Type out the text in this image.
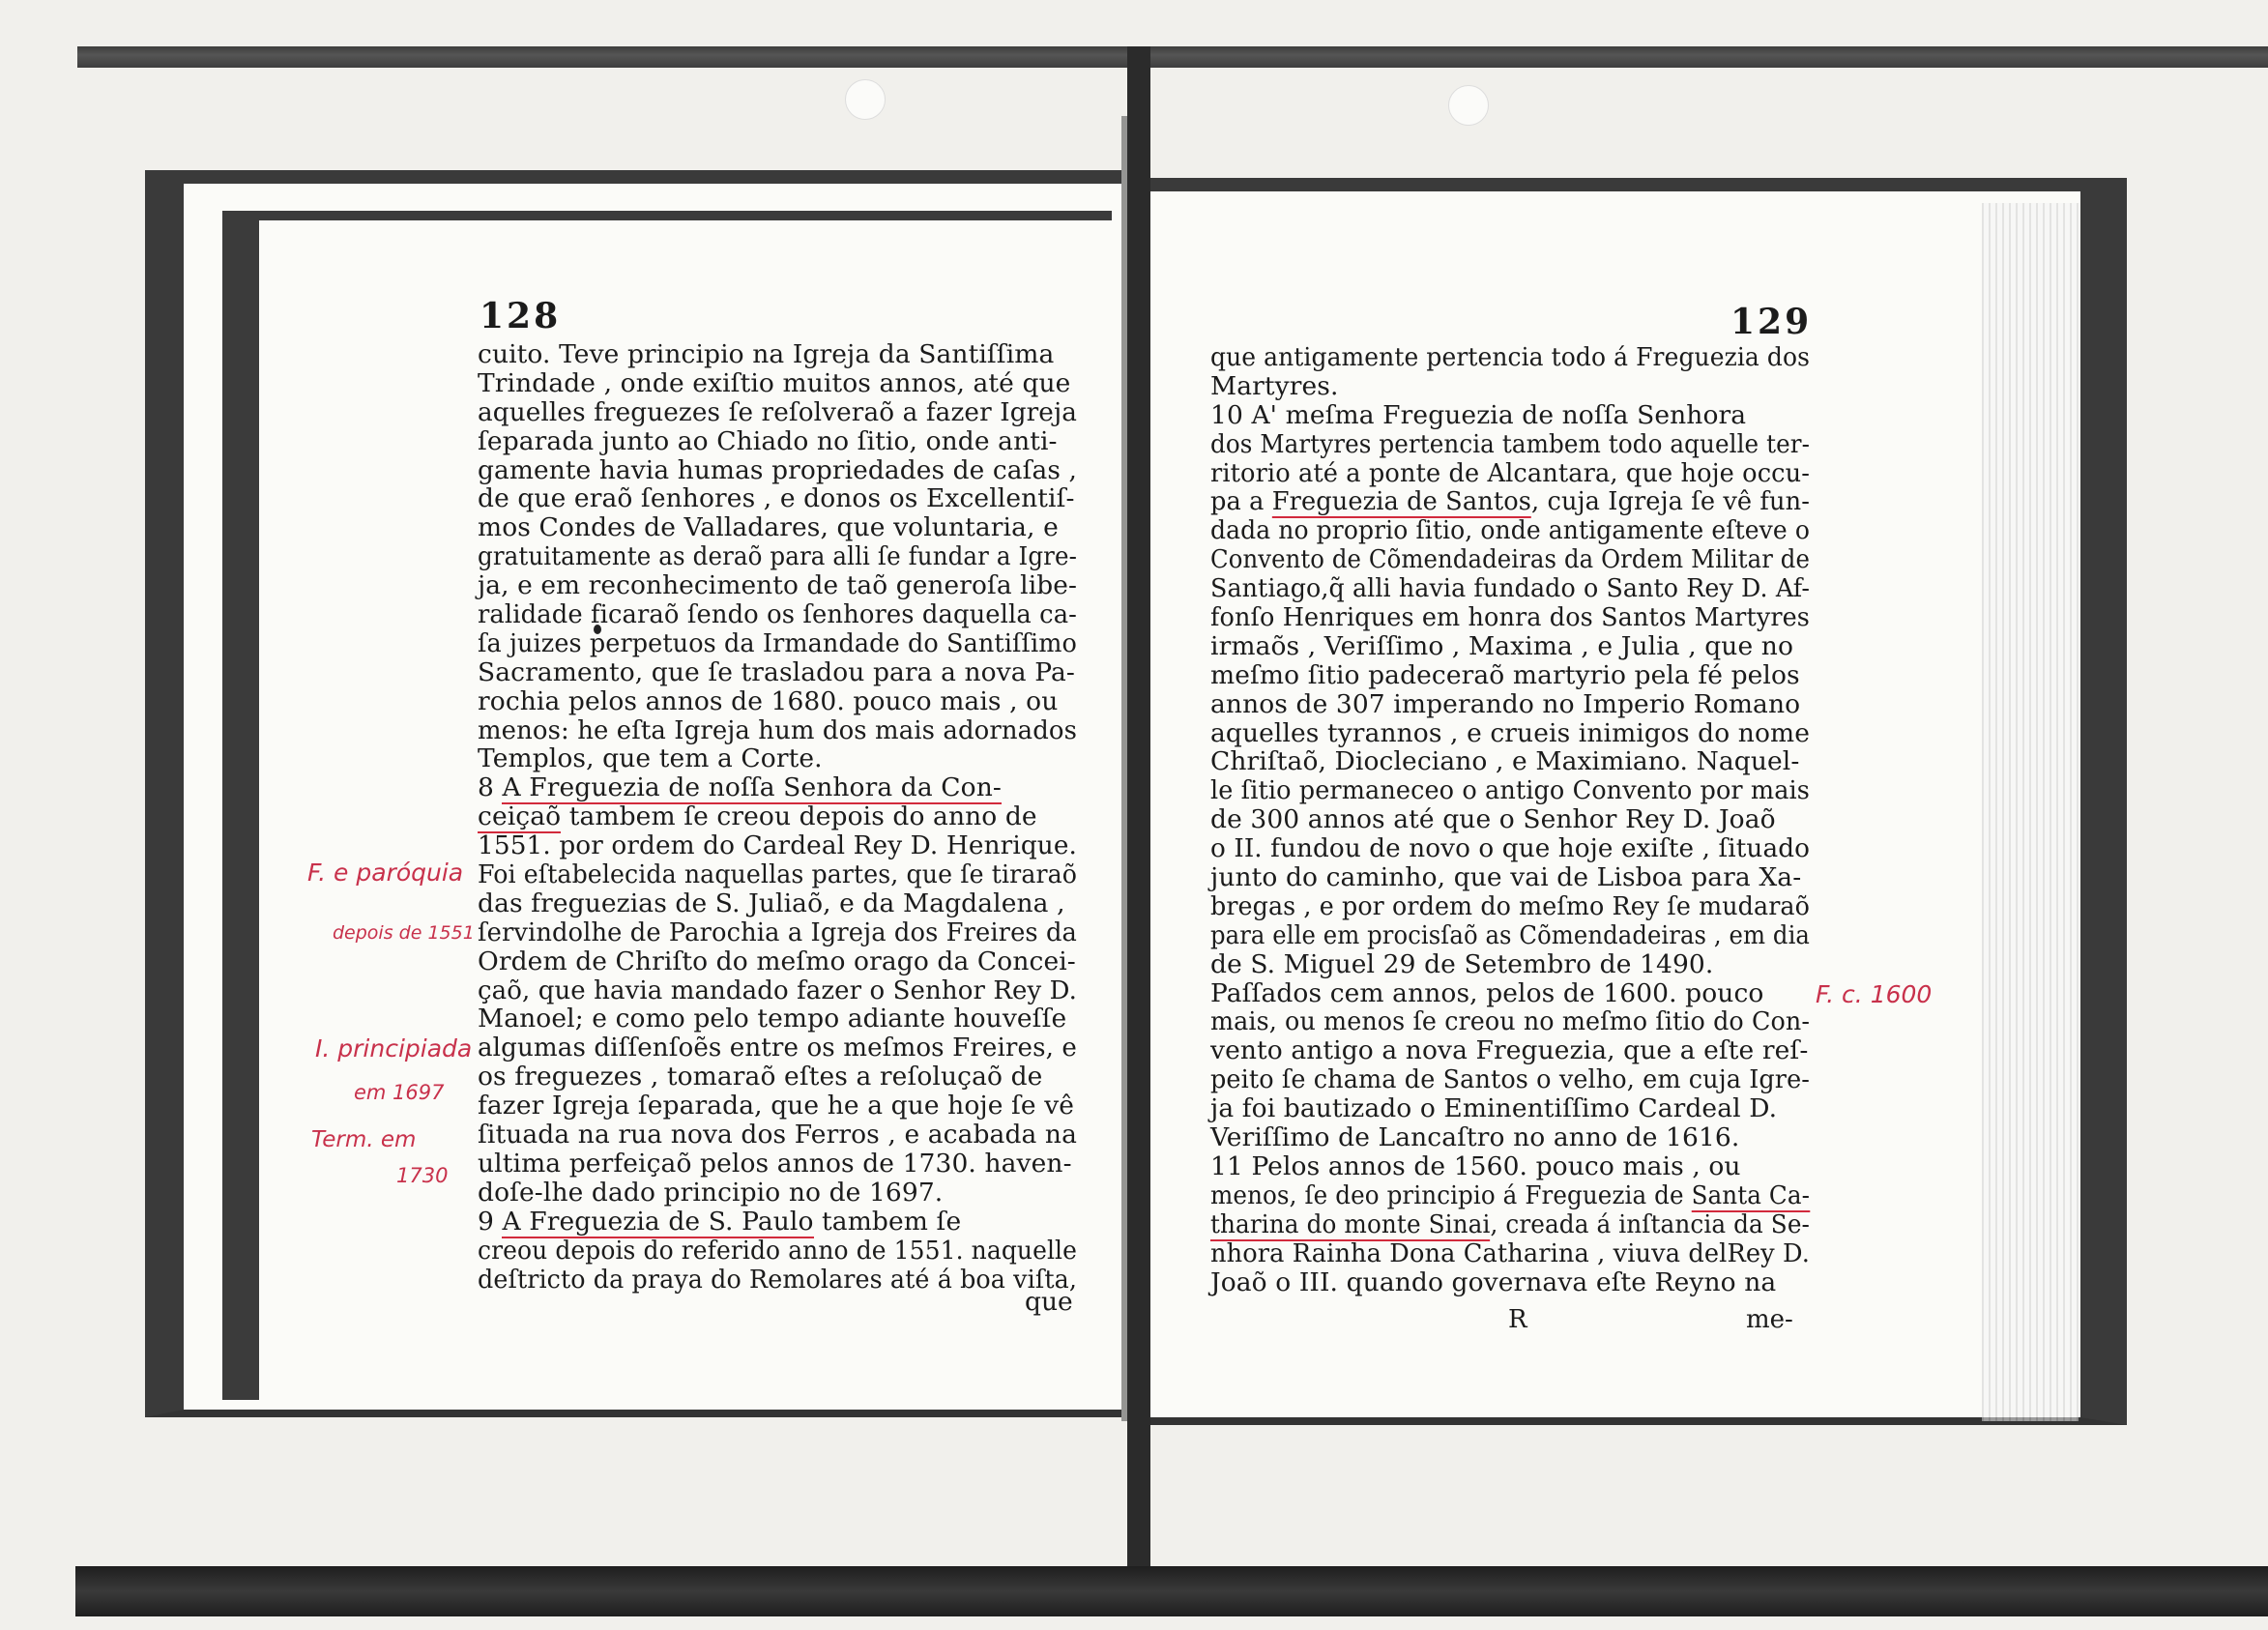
128	129
cuito. Teve principio na Igreja da Santiſſima
Trindade , onde exiſtio muitos annos, até que
aquelles freguezes ſe reſolveraõ a fazer Igreja
ſeparada junto ao Chiado no ſitio, onde anti-
gamente havia humas propriedades de caſas ,
de que eraõ ſenhores , e donos os Excellentiſ-
mos Condes de Valladares, que voluntaria, e
gratuitamente as deraõ para alli ſe fundar a Igre-
ja, e em reconhecimento de taõ generoſa libe-
ralidade ficaraõ ſendo os ſenhores daquella ca-
ſa juizes perpetuos da Irmandade do Santiſſimo
Sacramento, que ſe trasladou para a nova Pa-
rochia pelos annos de 1680. pouco mais , ou
menos: he eſta Igreja hum dos mais adornados
Templos, que tem a Corte.
8 A Freguezia de noſſa Senhora da Con-
ceiçaõ tambem ſe creou depois do anno de
1551. por ordem do Cardeal Rey D. Henrique.
Foi eſtabelecida naquellas partes, que ſe tiraraõ
das freguezias de S. Juliaõ, e da Magdalena ,
ſervindolhe de Parochia a Igreja dos Freires da
Ordem de Chriſto do meſmo orago da Concei-
çaõ, que havia mandado fazer o Senhor Rey D.
Manoel; e como pelo tempo adiante houveſſe
algumas diſſenſoẽs entre os meſmos Freires, e
os freguezes , tomaraõ eſtes a reſoluçaõ de
fazer Igreja ſeparada, que he a que hoje ſe vê
ſituada na rua nova dos Ferros , e acabada na
ultima perfeiçaõ pelos annos de 1730. haven-
doſe-lhe dado principio no de 1697.
9 A Freguezia de S. Paulo tambem ſe
creou depois do referido anno de 1551. naquelle
deſtricto da praya do Remolares até á boa viſta,
que
que antigamente pertencia todo á Freguezia dos
Martyres.
10 A' meſma Freguezia de noſſa Senhora
dos Martyres pertencia tambem todo aquelle ter-
ritorio até a ponte de Alcantara, que hoje occu-
pa a Freguezia de Santos, cuja Igreja ſe vê fun-
dada no proprio ſitio, onde antigamente eſteve o
Convento de Cõmendadeiras da Ordem Militar de
Santiago,q̃ alli havia fundado o Santo Rey D. Af-
fonſo Henriques em honra dos Santos Martyres
irmaõs , Veriſſimo , Maxima , e Julia , que no
meſmo ſitio padeceraõ martyrio pela fé pelos
annos de 307 imperando no Imperio Romano
aquelles tyrannos , e crueis inimigos do nome
Chriſtaõ, Diocleciano , e Maximiano. Naquel-
le ſitio permaneceo o antigo Convento por mais
de 300 annos até que o Senhor Rey D. Joaõ
o II. fundou de novo o que hoje exiſte , ſituado
junto do caminho, que vai de Lisboa para Xa-
bregas , e por ordem do meſmo Rey ſe mudaraõ
para elle em procisſaõ as Cõmendadeiras , em dia
de S. Miguel 29 de Setembro de 1490.
Paſſados cem annos, pelos de 1600. pouco
mais, ou menos ſe creou no meſmo ſitio do Con-
vento antigo a nova Freguezia, que a eſte reſ-
peito ſe chama de Santos o velho, em cuja Igre-
ja foi bautizado o Eminentiſſimo Cardeal D.
Veriſſimo de Lancaſtro no anno de 1616.
11 Pelos annos de 1560. pouco mais , ou
menos, ſe deo principio á Freguezia de Santa Ca-
tharina do monte Sinai, creada á inſtancia da Se-
nhora Rainha Dona Catharina , viuva delRey D.
Joaõ o III. quando governava eſte Reyno na
R	me-
F. e paróquia
depois de 1551
I. principiada
em 1697
Term. em
1730
F. c. 1600
